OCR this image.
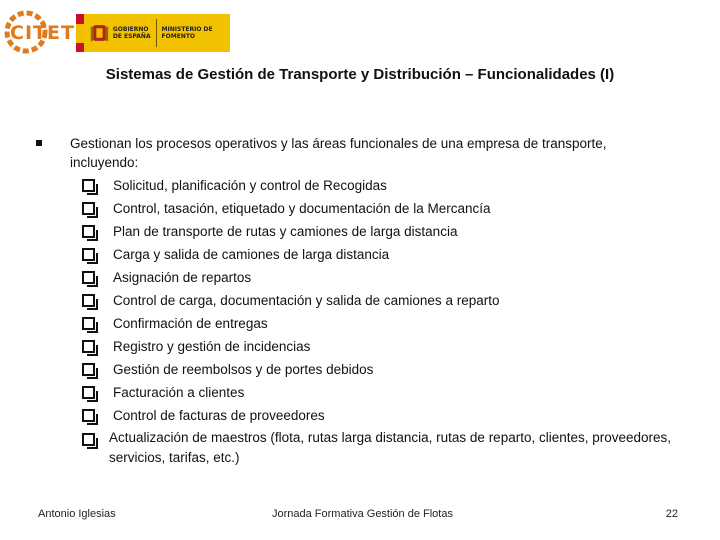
CITET	GOBIERNO DE ESPAÑA
MINISTERIO DE FOMENTO
Sistemas de Gestión de Transporte y Distribución – Funcionalidades (I)
Gestionan los procesos operativos y las áreas funcionales de una empresa de transporte, incluyendo:
Solicitud, planificación y control de Recogidas
Control, tasación, etiquetado y documentación de la Mercancía
Plan de transporte de rutas y camiones de larga distancia
Carga y salida de camiones de larga distancia
Asignación de repartos
Control de carga, documentación y salida de camiones a reparto
Confirmación de entregas
Registro y gestión de incidencias
Gestión de reembolsos y de portes debidos
Facturación a clientes
Control de facturas de proveedores
Actualización de maestros (flota, rutas larga distancia, rutas de reparto, clientes, proveedores, servicios, tarifas, etc.)
Antonio Iglesias	Jornada Formativa Gestión de Flotas	22
